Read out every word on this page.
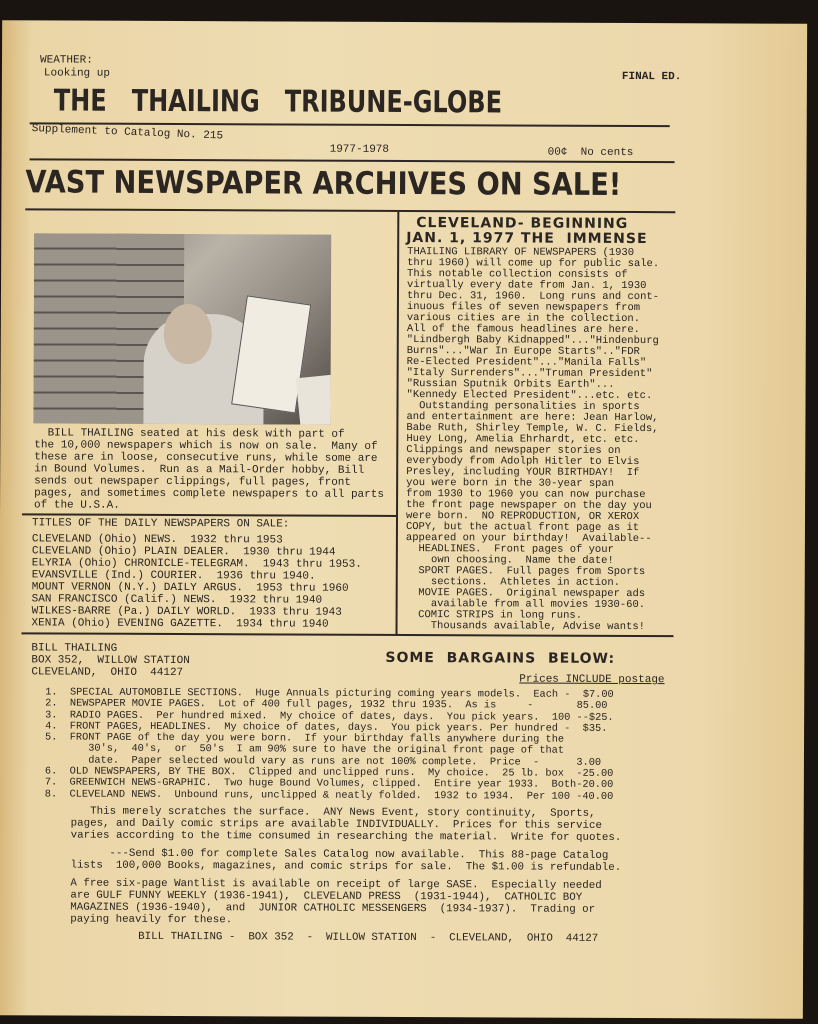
WEATHER:
Looking up	FINAL ED.
THE   THAILING   TRIBUNE-GLOBE
Supplement to Catalog No. 215
1977-1978	00¢  No cents
VAST NEWSPAPER ARCHIVES ON SALE!
BILL THAILING seated at his desk with part of
the 10,000 newspapers which is now on sale.  Many of
these are in loose, consecutive runs, while some are
in Bound Volumes.  Run as a Mail-Order hobby, Bill
sends out newspaper clippings, full pages, front
pages, and sometimes complete newspapers to all parts
of the U.S.A.
TITLES OF THE DAILY NEWSPAPERS ON SALE:
CLEVELAND (Ohio) NEWS.  1932 thru 1953
CLEVELAND (Ohio) PLAIN DEALER.  1930 thru 1944
ELYRIA (Ohio) CHRONICLE-TELEGRAM.  1943 thru 1953.
EVANSVILLE (Ind.) COURIER.  1936 thru 1940.
MOUNT VERNON (N.Y.) DAILY ARGUS.  1953 thru 1960
SAN FRANCISCO (Calif.) NEWS.  1932 thru 1940
WILKES-BARRE (Pa.) DAILY WORLD.  1933 thru 1943
XENIA (Ohio) EVENING GAZETTE.  1934 thru 1940
CLEVELAND- BEGINNING
JAN. 1, 1977 THE  IMMENSE
THAILING LIBRARY OF NEWSPAPERS (1930
thru 1960) will come up for public sale.
This notable collection consists of
virtually every date from Jan. 1, 1930
thru Dec. 31, 1960.  Long runs and cont-
inuous files of seven newspapers from
various cities are in the collection.
All of the famous headlines are here.
"Lindbergh Baby Kidnapped"..."Hindenburg
Burns"..."War In Europe Starts".."FDR
Re-Elected President"..."Manila Falls"
"Italy Surrenders"..."Truman President"
"Russian Sputnik Orbits Earth"...
"Kennedy Elected President"...etc. etc.
Outstanding personalities in sports
and entertainment are here: Jean Harlow,
Babe Ruth, Shirley Temple, W. C. Fields,
Huey Long, Amelia Ehrhardt, etc. etc.
Clippings and newspaper stories on
everybody from Adolph Hitler to Elvis
Presley, including YOUR BIRTHDAY!  If
you were born in the 30-year span
from 1930 to 1960 you can now purchase
the front page newspaper on the day you
were born.  NO REPRODUCTION, OR XEROX
COPY, but the actual front page as it
appeared on your birthday!  Available--
HEADLINES.  Front pages of your
own choosing.  Name the date!
SPORT PAGES.  Full pages from Sports
sections.  Athletes in action.
MOVIE PAGES.  Original newspaper ads
available from all movies 1930-60.
COMIC STRIPS in long runs.
Thousands available, Advise wants!
BILL THAILING
BOX 352,  WILLOW STATION
CLEVELAND,  OHIO  44127
SOME  BARGAINS  BELOW:
Prices INCLUDE postage
1.  SPECIAL AUTOMOBILE SECTIONS.  Huge Annuals picturing coming years models.  Each -  $7.00
2.  NEWSPAPER MOVIE PAGES.  Lot of 400 full pages, 1932 thru 1935.  As is     -       85.00
3.  RADIO PAGES.  Per hundred mixed.  My choice of dates, days.  You pick years.  100 --$25.
4.  FRONT PAGES, HEADLINES.  My choice of dates, days.  You pick years. Per hundred -  $35.
5.  FRONT PAGE of the day you were born.  If your birthday falls anywhere during the
30's,  40's,  or  50's  I am 90% sure to have the original front page of that
date.  Paper selected would vary as runs are not 100% complete.  Price  -      3.00
6.  OLD NEWSPAPERS, BY THE BOX.  Clipped and unclipped runs.  My choice.  25 lb. box  -25.00
7.  GREENWICH NEWS-GRAPHIC.  Two huge Bound Volumes, clipped.  Entire year 1933.  Both-20.00
8.  CLEVELAND NEWS.  Unbound runs, unclipped & neatly folded.  1932 to 1934.  Per 100 -40.00
This merely scratches the surface.  ANY News Event, story continuity,  Sports,
pages, and Daily comic strips are available INDIVIDUALLY.  Prices for this service
varies according to the time consumed in researching the material.  Write for quotes.
---Send $1.00 for complete Sales Catalog now available.  This 88-page Catalog
lists  100,000 Books, magazines, and comic strips for sale.  The $1.00 is refundable.
A free six-page Wantlist is available on receipt of large SASE.  Especially needed
are GULF FUNNY WEEKLY (1936-1941),  CLEVELAND PRESS  (1931-1944),  CATHOLIC BOY
MAGAZINES (1936-1940),  and  JUNIOR CATHOLIC MESSENGERS  (1934-1937).  Trading or
paying heavily for these.
BILL THAILING -  BOX 352  -  WILLOW STATION  -  CLEVELAND,  OHIO  44127
